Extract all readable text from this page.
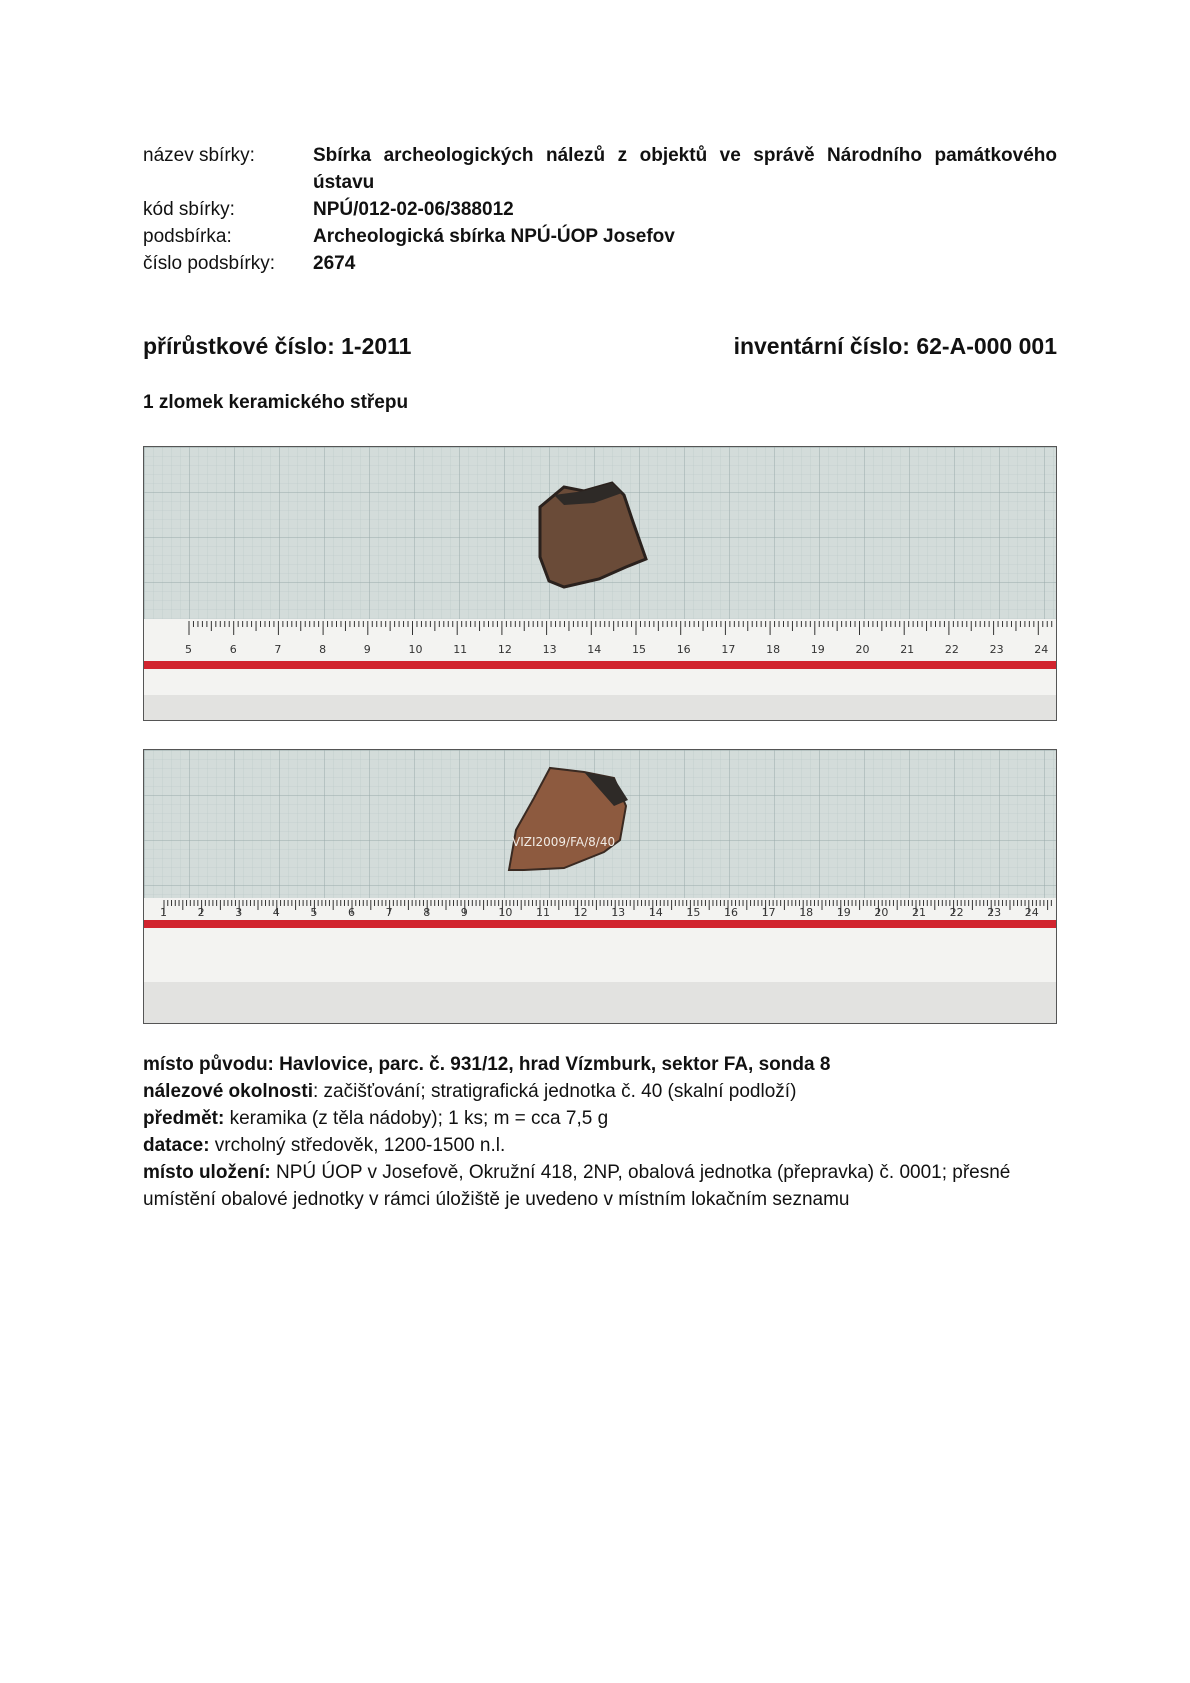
název sbírky:	Sbírka archeologických nálezů z objektů ve správě Národního památkového ústavu
kód sbírky:	NPÚ/012-02-06/388012
podsbírka:	Archeologická sbírka NPÚ-ÚOP Josefov
číslo podsbírky:	2674
přírůstkové číslo: 1-2011	inventární číslo: 62-A-000 001
1 zlomek keramického střepu
5	6	7	8	9	10	11	12	13	14	15	16	17	18	19	20	21	22	23	24
VIZI2009/FA/8/40
1	2	3	4	5	6	7	8	9	10 11 12 13 14 15 16 17 18 19 20 21 22 23 24

místo původu: Havlovice, parc. č. 931/12, hrad Vízmburk, sektor FA, sonda 8

nálezové okolnosti: začišťování; stratigrafická jednotka č. 40 (skalní podloží)

předmět: keramika (z těla nádoby); 1 ks; m = cca 7,5 g

datace: vrcholný středověk, 1200-1500 n.l.

místo uložení: NPÚ ÚOP v Josefově, Okružní 418, 2NP, obalová jednotka (přepravka) č. 0001; přesné umístění obalové jednotky v rámci úložiště je uvedeno v místním lokačním seznamu
